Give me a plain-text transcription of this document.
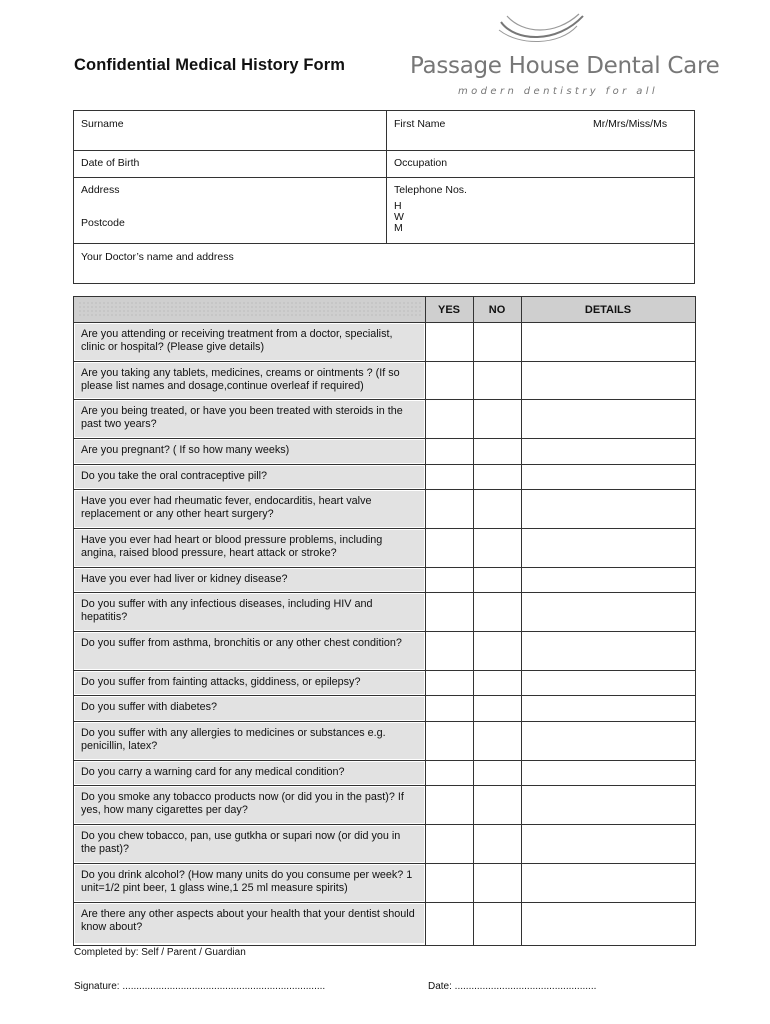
Confidential Medical History Form	Passage House Dental Care
modern dentistry for all
Surname	First Name	Mr/Mrs/Miss/Ms
Date of Birth	Occupation
Address
Postcode
Telephone Nos.
H
W
M
Your Doctor’s name and address
YES	NO	DETAILS
Are you attending or receiving treatment from a doctor, specialist, clinic or hospital? (Please give details)
Are you taking any tablets, medicines, creams or ointments ? (If so please list names and dosage,continue overleaf if required)
Are you being treated, or have you been treated with steroids in the past two years?
Are you pregnant? ( If so how many weeks)
Do you take the oral contraceptive pill?
Have you ever had rheumatic fever, endocarditis, heart valve replacement or any other heart surgery?
Have you ever had heart or blood pressure problems, including angina, raised blood pressure, heart attack or stroke?
Have you ever had liver or kidney disease?
Do you suffer with any infectious diseases, including HIV and hepatitis?
Do you suffer from asthma, bronchitis or any other chest condition?
Do you suffer from fainting attacks, giddiness, or epilepsy?
Do you suffer with diabetes?
Do you suffer with any allergies to medicines or substances e.g. penicillin, latex?
Do you carry a warning card for any medical condition?
Do you smoke any tobacco products now (or did you in the past)? If yes, how many cigarettes per day?
Do you chew tobacco, pan, use gutkha or supari now (or did you in the past)?
Do you drink alcohol? (How many units do you consume per week? 1 unit=1/2 pint beer, 1 glass wine,1 25 ml measure spirits)
Are there any other aspects about your health that your dentist should know about?
Completed by: Self / Parent / Guardian
Signature: .........................................................................	Date: ...................................................
